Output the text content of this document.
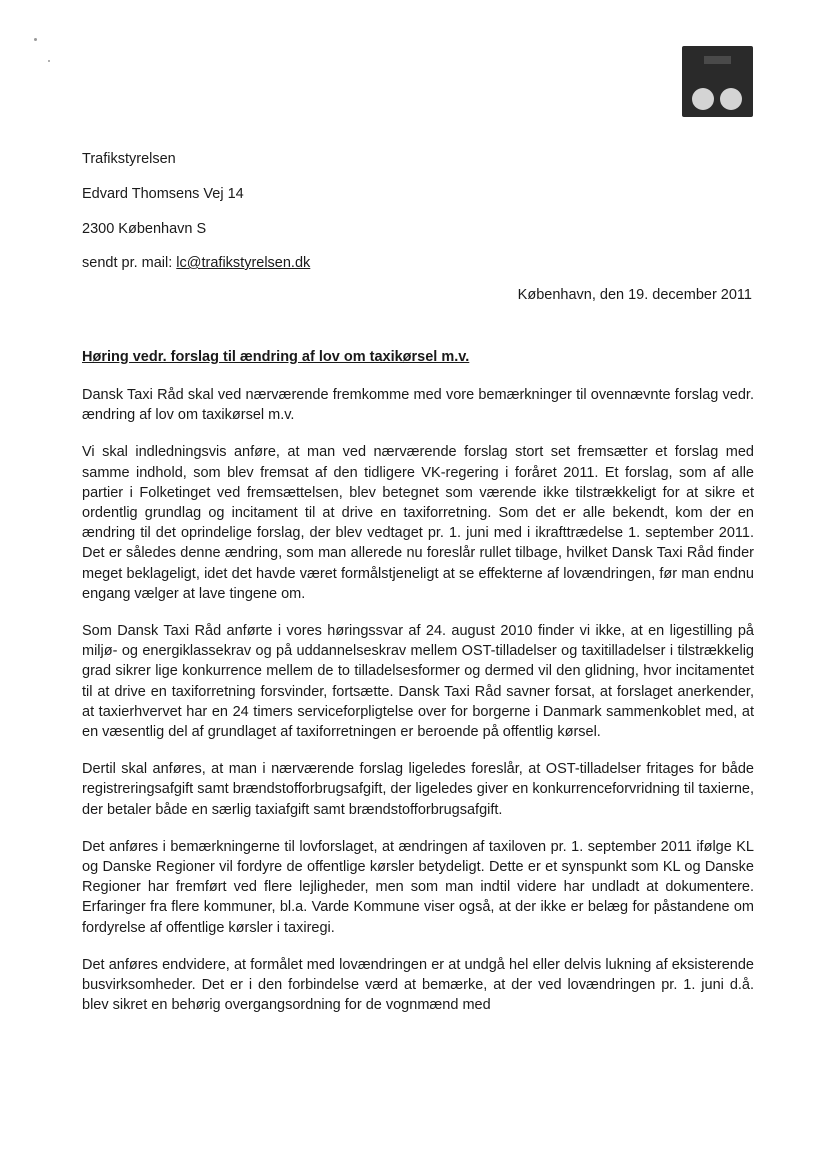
Trafikstyrelsen
Edvard Thomsens Vej 14
2300 København S
sendt pr. mail: lc@trafikstyrelsen.dk
København, den 19. december 2011
Høring vedr. forslag til ændring af lov om taxikørsel m.v.

Dansk Taxi Råd skal ved nærværende fremkomme med vore bemærkninger til ovennævnte forslag vedr. ændring af lov om taxikørsel m.v.

Vi skal indledningsvis anføre, at man ved nærværende forslag stort set fremsætter et forslag med samme indhold, som blev fremsat af den tidligere VK-regering i foråret 2011. Et forslag, som af alle partier i Folketinget ved fremsættelsen, blev betegnet som værende ikke tilstrækkeligt for at sikre et ordentlig grundlag og incitament til at drive en taxiforretning. Som det er alle bekendt, kom der en ændring til det oprindelige forslag, der blev vedtaget pr. 1. juni med i ikrafttrædelse 1. september 2011. Det er således denne ændring, som man allerede nu foreslår rullet tilbage, hvilket Dansk Taxi Råd finder meget beklageligt, idet det havde været formålstjeneligt at se effekterne af lovændringen, før man endnu engang vælger at lave tingene om.

Som Dansk Taxi Råd anførte i vores høringssvar af 24. august 2010 finder vi ikke, at en ligestilling på miljø- og energiklassekrav og på uddannelseskrav mellem OST-tilladelser og taxitilladelser i tilstrækkelig grad sikrer lige konkurrence mellem de to tilladelsesformer og dermed vil den glidning, hvor incitamentet til at drive en taxiforretning forsvinder, fortsætte. Dansk Taxi Råd savner forsat, at forslaget anerkender, at taxierhvervet har en 24 timers serviceforpligtelse over for borgerne i Danmark sammenkoblet med, at en væsentlig del af grundlaget af taxiforretningen er beroende på offentlig kørsel.

Dertil skal anføres, at man i nærværende forslag ligeledes foreslår, at OST-tilladelser fritages for både registreringsafgift samt brændstofforbrugsafgift, der ligeledes giver en konkurrenceforvridning til taxierne, der betaler både en særlig taxiafgift samt brændstofforbrugsafgift.

Det anføres i bemærkningerne til lovforslaget, at ændringen af taxiloven pr. 1. september 2011 ifølge KL og Danske Regioner vil fordyre de offentlige kørsler betydeligt. Dette er et synspunkt som KL og Danske Regioner har fremført ved flere lejligheder, men som man indtil videre har undladt at dokumentere. Erfaringer fra flere kommuner, bl.a. Varde Kommune viser også, at der ikke er belæg for påstandene om fordyrelse af offentlige kørsler i taxiregi.

Det anføres endvidere, at formålet med lovændringen er at undgå hel eller delvis lukning af eksisterende busvirksomheder. Det er i den forbindelse værd at bemærke, at der ved lovændringen pr. 1. juni d.å. blev sikret en behørig overgangsordning for de vognmænd med
